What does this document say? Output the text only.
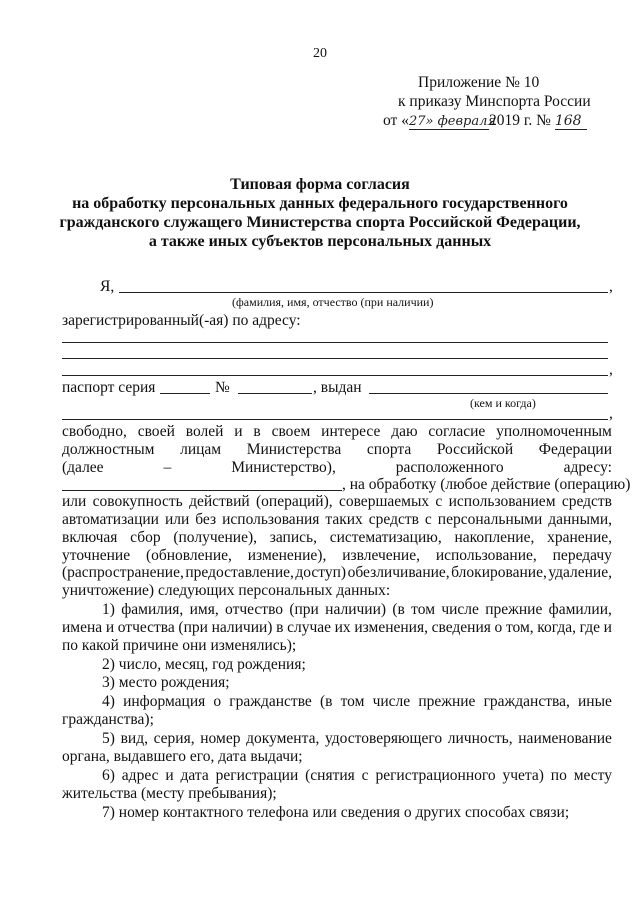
20
Приложение № 10
к приказу Минспорта России
от «27» февраля2019 г. № 168
Типовая форма согласия
на обработку персональных данных федерального государственного
гражданского служащего Министерства спорта Российской Федерации,
а также иных субъектов персональных данных
Я,	,
(фамилия, имя, отчество (при наличии)
зарегистрированный(-ая) по адресу:
,
паспорт серия	№	, выдан
(кем и когда)
,
свободно, своей волей и в своем интересе даю согласие уполномоченным
должностным лицам Министерства спорта Российской Федерации
(далее	–	Министерство),	расположенного	адресу:
, на обработку (любое действие (операцию)
или совокупность действий (операций), совершаемых с использованием средств
автоматизации или без использования таких средств с персональными данными,
включая сбор (получение), запись, систематизацию, накопление, хранение,
уточнение (обновление, изменение), извлечение, использование, передачу
(распространение, предоставление, доступ) обезличивание, блокирование, удаление,
уничтожение) следующих персональных данных:
1) фамилия, имя, отчество (при наличии) (в том числе прежние фамилии,
имена и отчества (при наличии) в случае их изменения, сведения о том, когда, где и
по какой причине они изменялись);
2) число, месяц, год рождения;
3) место рождения;
4) информация о гражданстве (в том числе прежние гражданства, иные
гражданства);
5) вид, серия, номер документа, удостоверяющего личность, наименование
органа, выдавшего его, дата выдачи;
6) адрес и дата регистрации (снятия с регистрационного учета) по месту
жительства (месту пребывания);
7) номер контактного телефона или сведения о других способах связи;
